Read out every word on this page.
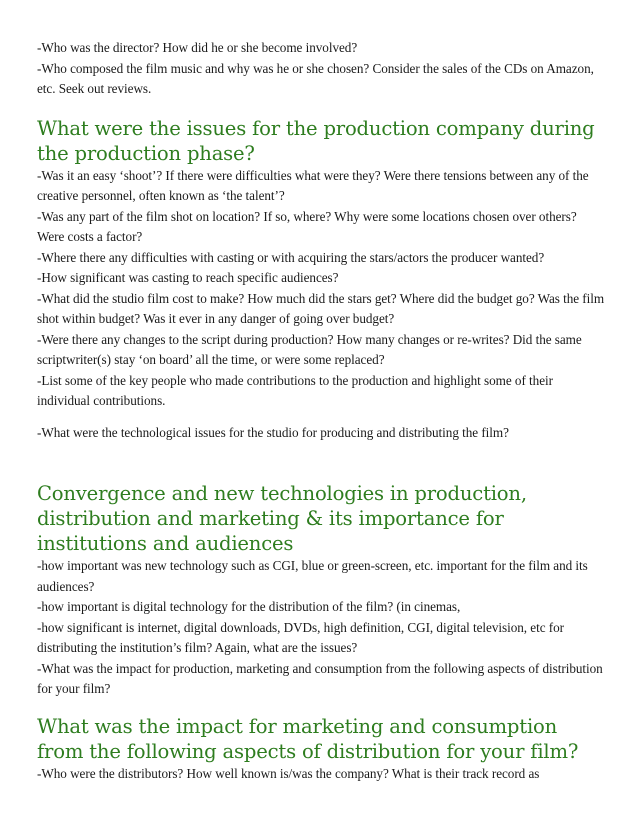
-Who was the director? How did he or she become involved?

-Who composed the film music and why was he or she chosen? Consider the sales of the CDs on Amazon, etc. Seek out reviews.

What were the issues for the production company during the production phase?

-Was it an easy ‘shoot’? If there were difficulties what were they? Were there tensions between any of the creative personnel, often known as ‘the talent’?

-Was any part of the film shot on location? If so, where? Why were some locations chosen over others? Were costs a factor?

-Where there any difficulties with casting or with acquiring the stars/actors the producer wanted?

-How significant was casting to reach specific audiences?

-What did the studio film cost to make? How much did the stars get? Where did the budget go? Was the film shot within budget? Was it ever in any danger of going over budget?

-Were there any changes to the script during production? How many changes or re-writes? Did the same scriptwriter(s) stay ‘on board’ all the time, or were some replaced?

-List some of the key people who made contributions to the production and highlight some of their individual contributions.

-What were the technological issues for the studio for producing and distributing the film?

Convergence and new technologies in production, distribution and marketing & its importance for institutions and audiences

-how important was new technology such as CGI, blue or green-screen, etc. important for the film and its audiences?

-how important is digital technology for the distribution of the film? (in cinemas,

-how significant is internet, digital downloads, DVDs, high definition, CGI, digital television, etc for distributing the institution’s film? Again, what are the issues?

-What was the impact for production, marketing and consumption from the following aspects of distribution for your film?

What was the impact for marketing and consumption from the following aspects of distribution for your film?

-Who were the distributors? How well known is/was the company? What is their track record as
